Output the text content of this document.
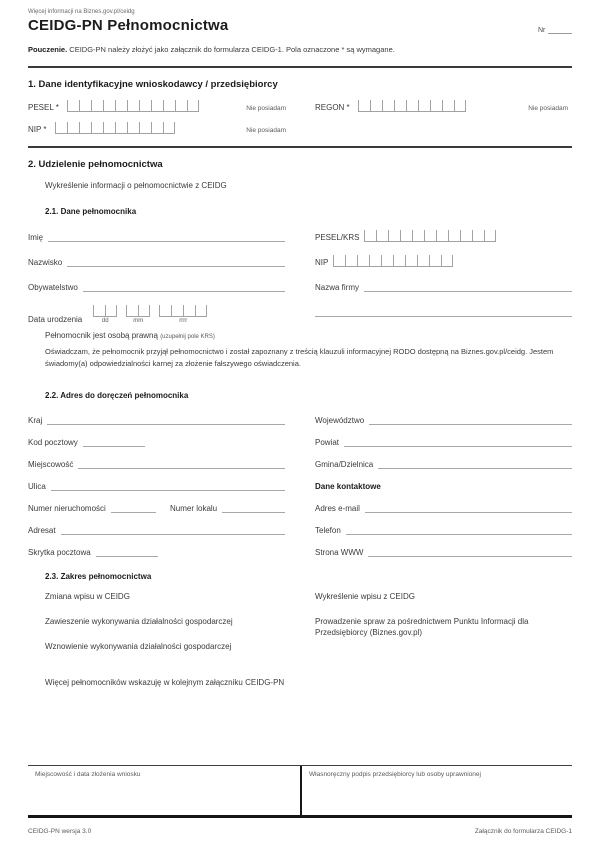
Więcej informacji na Biznes.gov.pl/ceidg
CEIDG-PN Pełnomocnictwa	Nr
Pouczenie. CEIDG-PN należy złożyć jako załącznik do formularza CEIDG-1. Pola oznaczone * są wymagane.
1. Dane identyfikacyjne wnioskodawcy / przedsiębiorcy
PESEL *	Nie posiadam	REGON *	Nie posiadam
NIP *	Nie posiadam
2. Udzielenie pełnomocnictwa
Wykreślenie informacji o pełnomocnictwie z CEIDG
2.1. Dane pełnomocnika
Imię
Nazwisko
Obywatelstwo
Data urodzenia	dd	mm	rrrr
PESEL/KRS
NIP
Nazwa firmy
Pełnomocnik jest osobą prawną (uzupełnij pole KRS)
Oświadczam, że pełnomocnik przyjął pełnomocnictwo i został zapoznany z treścią klauzuli informacyjnej RODO dostępną na Biznes.gov.pl/ceidg. Jestem świadomy(a) odpowiedzialności karnej za złożenie fałszywego oświadczenia.
2.2. Adres do doręczeń pełnomocnika
Kraj
Kod pocztowy
Miejscowość
Ulica
Numer nieruchomości	Numer lokalu
Adresat
Skrytka pocztowa
Województwo
Powiat
Gmina/Dzielnica
Dane kontaktowe
Adres e-mail
Telefon
Strona WWW
2.3. Zakres pełnomocnictwa
Zmiana wpisu w CEIDG
Zawieszenie wykonywania działalności gospodarczej
Wznowienie wykonywania działalności gospodarczej
Wykreślenie wpisu z CEIDG
Prowadzenie spraw za pośrednictwem Punktu Informacji dla Przedsiębiorcy (Biznes.gov.pl)
Więcej pełnomocników wskazuję w kolejnym załączniku CEIDG-PN
Miejscowość i data złożenia wniosku	Własnoręczny podpis przedsiębiorcy lub osoby uprawnionej
CEIDG-PN wersja 3.0	Załącznik do formularza CEIDG-1
